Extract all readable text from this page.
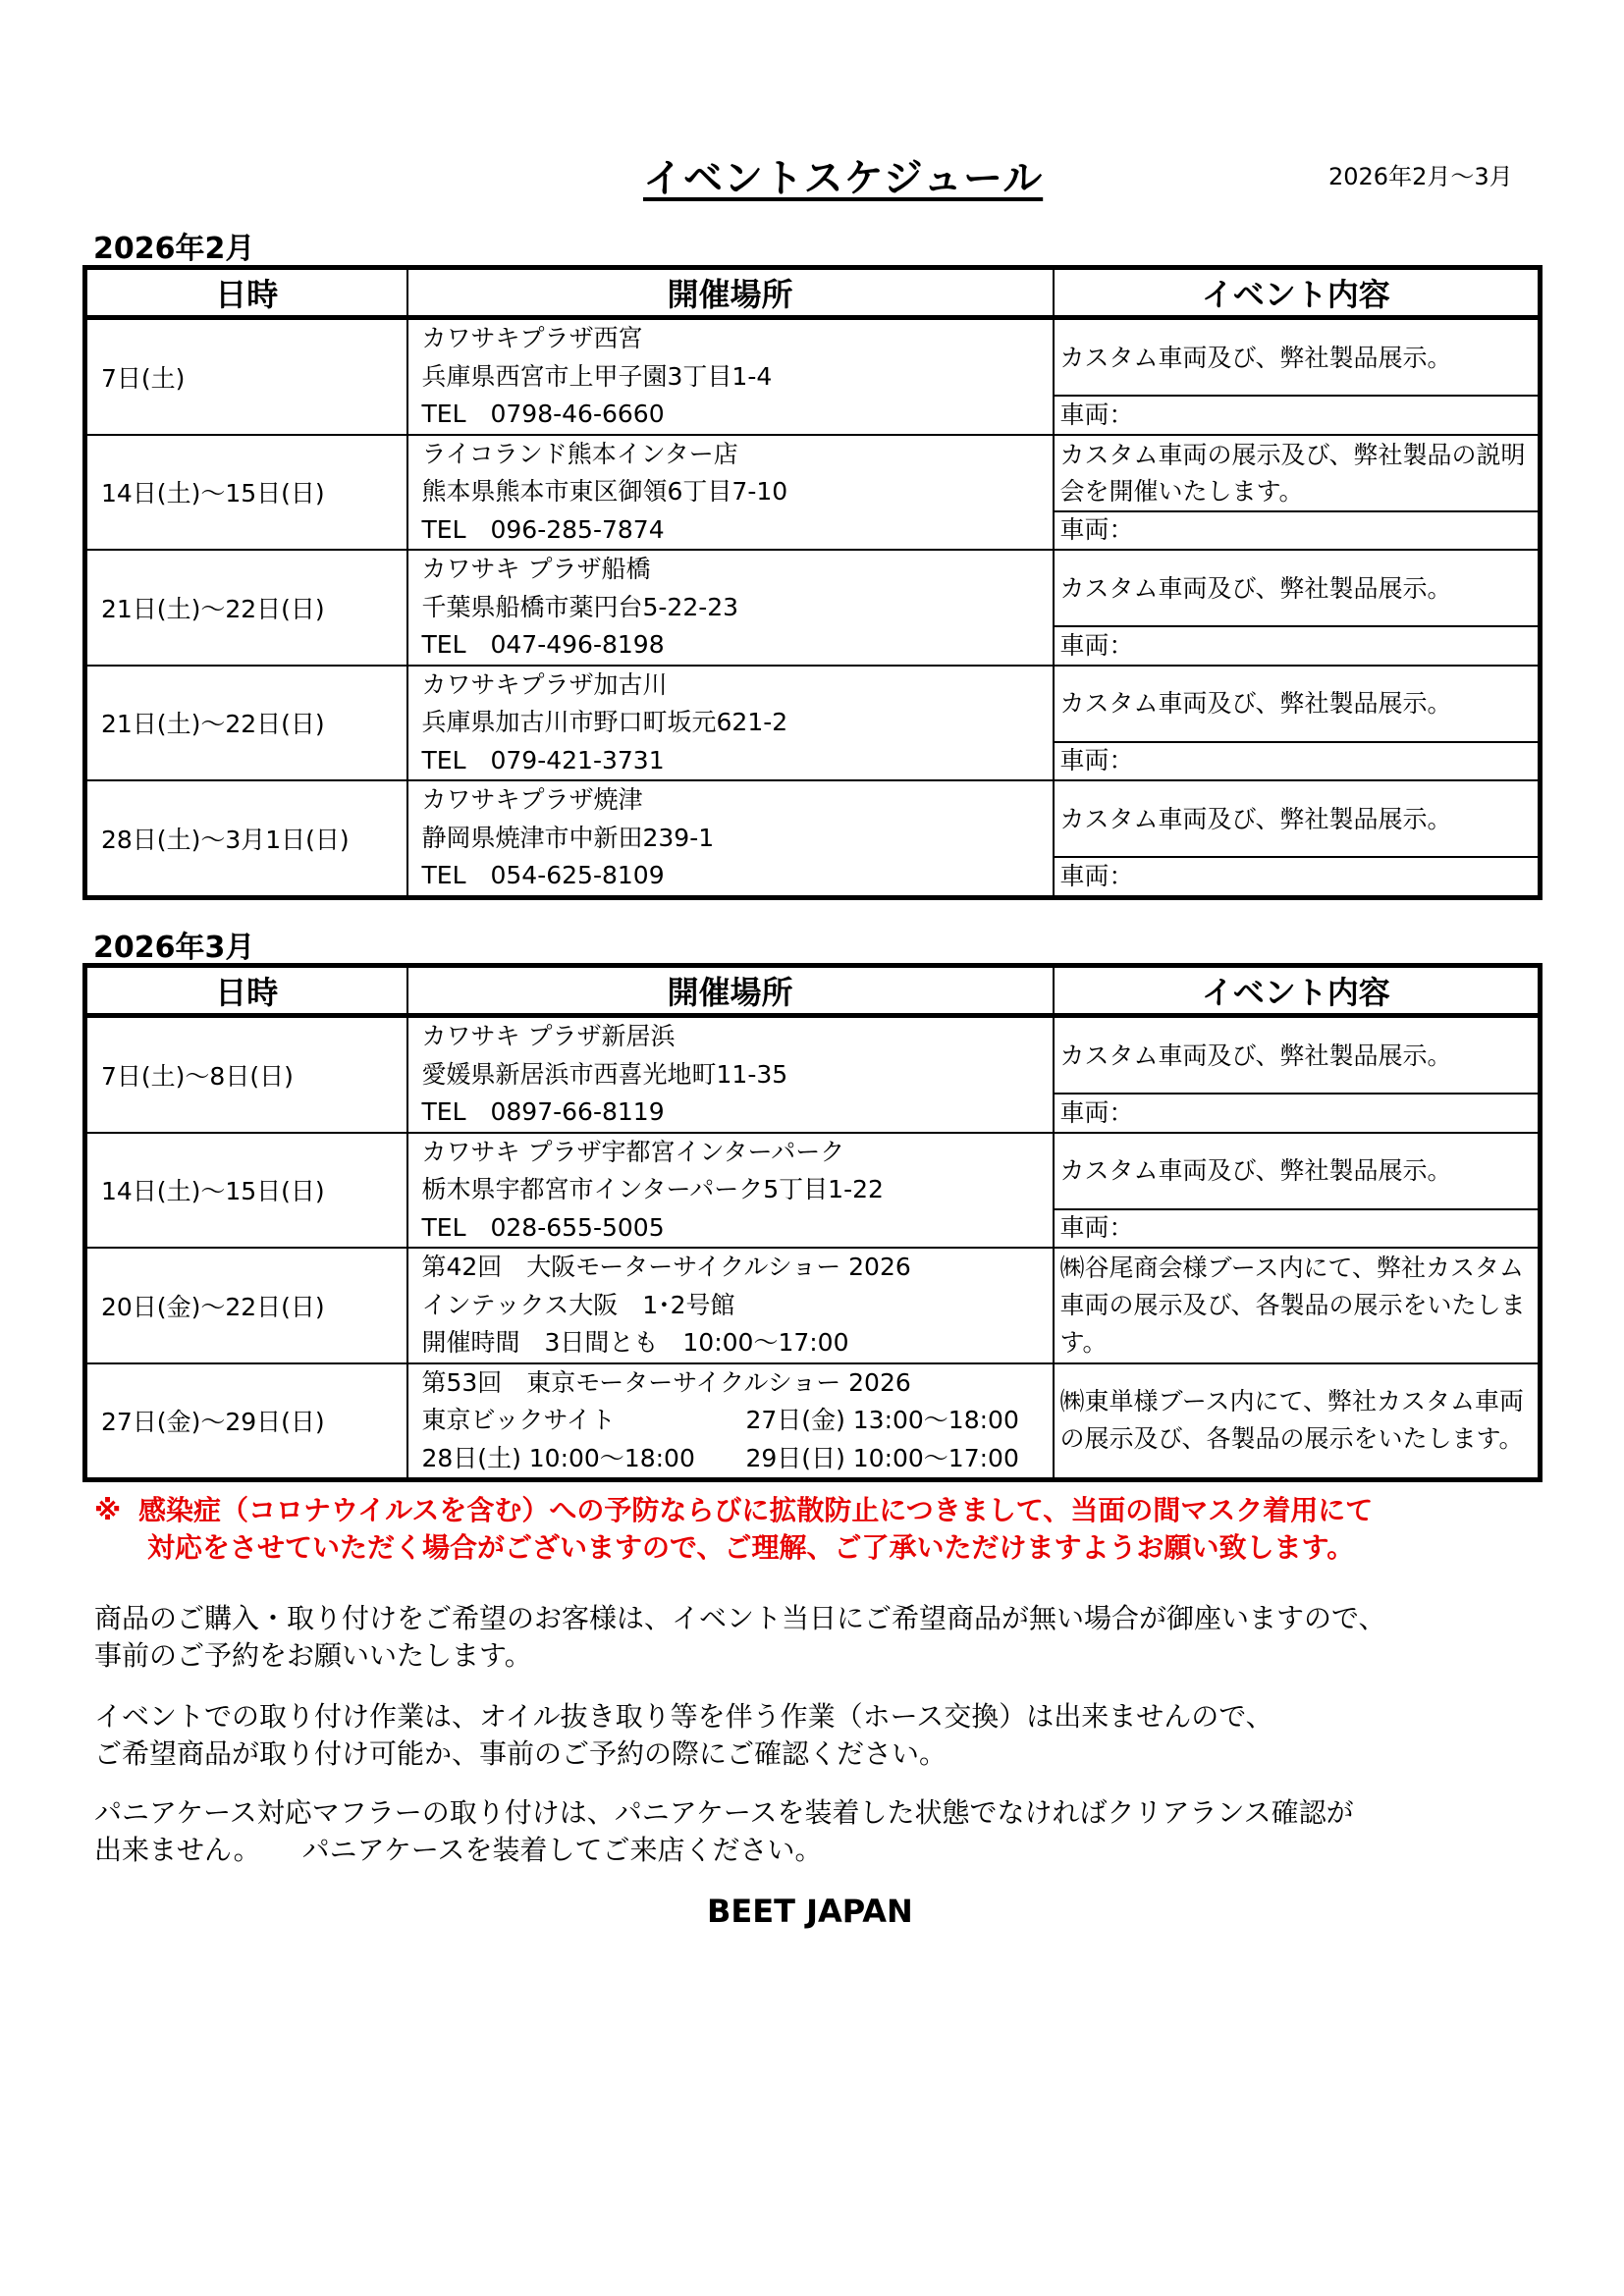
イベントスケジュール	2026年2月～3月
2026年2月
日時	開催場所	イベント内容
7日(土)	カワサキプラザ西宮
兵庫県西宮市上甲子園3丁目1-4
TEL　0798-46-6660	カスタム車両及び、弊社製品展示。
		車両：
14日(土)～15日(日)	ライコランド熊本インター店
熊本県熊本市東区御領6丁目7-10
TEL　096-285-7874	カスタム車両の展示及び、弊社製品の説明会を開催いたします。
		車両：
21日(土)～22日(日)	カワサキ プラザ船橋
千葉県船橋市薬円台5-22-23
TEL　047-496-8198	カスタム車両及び、弊社製品展示。
		車両：
21日(土)～22日(日)	カワサキプラザ加古川
兵庫県加古川市野口町坂元621-2
TEL　079-421-3731	カスタム車両及び、弊社製品展示。
		車両：
28日(土)～3月1日(日)	カワサキプラザ焼津
静岡県焼津市中新田239-1
TEL　054-625-8109	カスタム車両及び、弊社製品展示。
		車両：
2026年3月
日時	開催場所	イベント内容
7日(土)～8日(日)	カワサキ プラザ新居浜
愛媛県新居浜市西喜光地町11-35
TEL　0897-66-8119	カスタム車両及び、弊社製品展示。
		車両：
14日(土)～15日(日)	カワサキ プラザ宇都宮インターパーク
栃木県宇都宮市インターパーク5丁目1-22
TEL　028-655-5005	カスタム車両及び、弊社製品展示。
		車両：
20日(金)～22日(日)	第42回　大阪モーターサイクルショー 2026
インテックス大阪　1･2号館
開催時間　3日間とも　10:00～17:00	㈱谷尾商会様ブース内にて、弊社カスタム車両の展示及び、各製品の展示をいたします。
27日(金)～29日(日)	第53回　東京モーターサイクルショー 2026
東京ビックサイト 27日(金) 13:00～18:00
28日(土) 10:00～18:00 29日(日) 10:00～17:00	㈱東単様ブース内にて、弊社カスタム車両の展示及び、各製品の展示をいたします。
※ 感染症（コロナウイルスを含む）への予防ならびに拡散防止につきまして、当面の間マスク着用にて
対応をさせていただく場合がございますので、ご理解、ご了承いただけますようお願い致します。
商品のご購入・取り付けをご希望のお客様は、イベント当日にご希望商品が無い場合が御座いますので、
事前のご予約をお願いいたします。
イベントでの取り付け作業は、オイル抜き取り等を伴う作業（ホース交換）は出来ませんので、
ご希望商品が取り付け可能か、事前のご予約の際にご確認ください。
パニアケース対応マフラーの取り付けは、パニアケースを装着した状態でなければクリアランス確認が
出来ません。　　パニアケースを装着してご来店ください。
BEET JAPAN
